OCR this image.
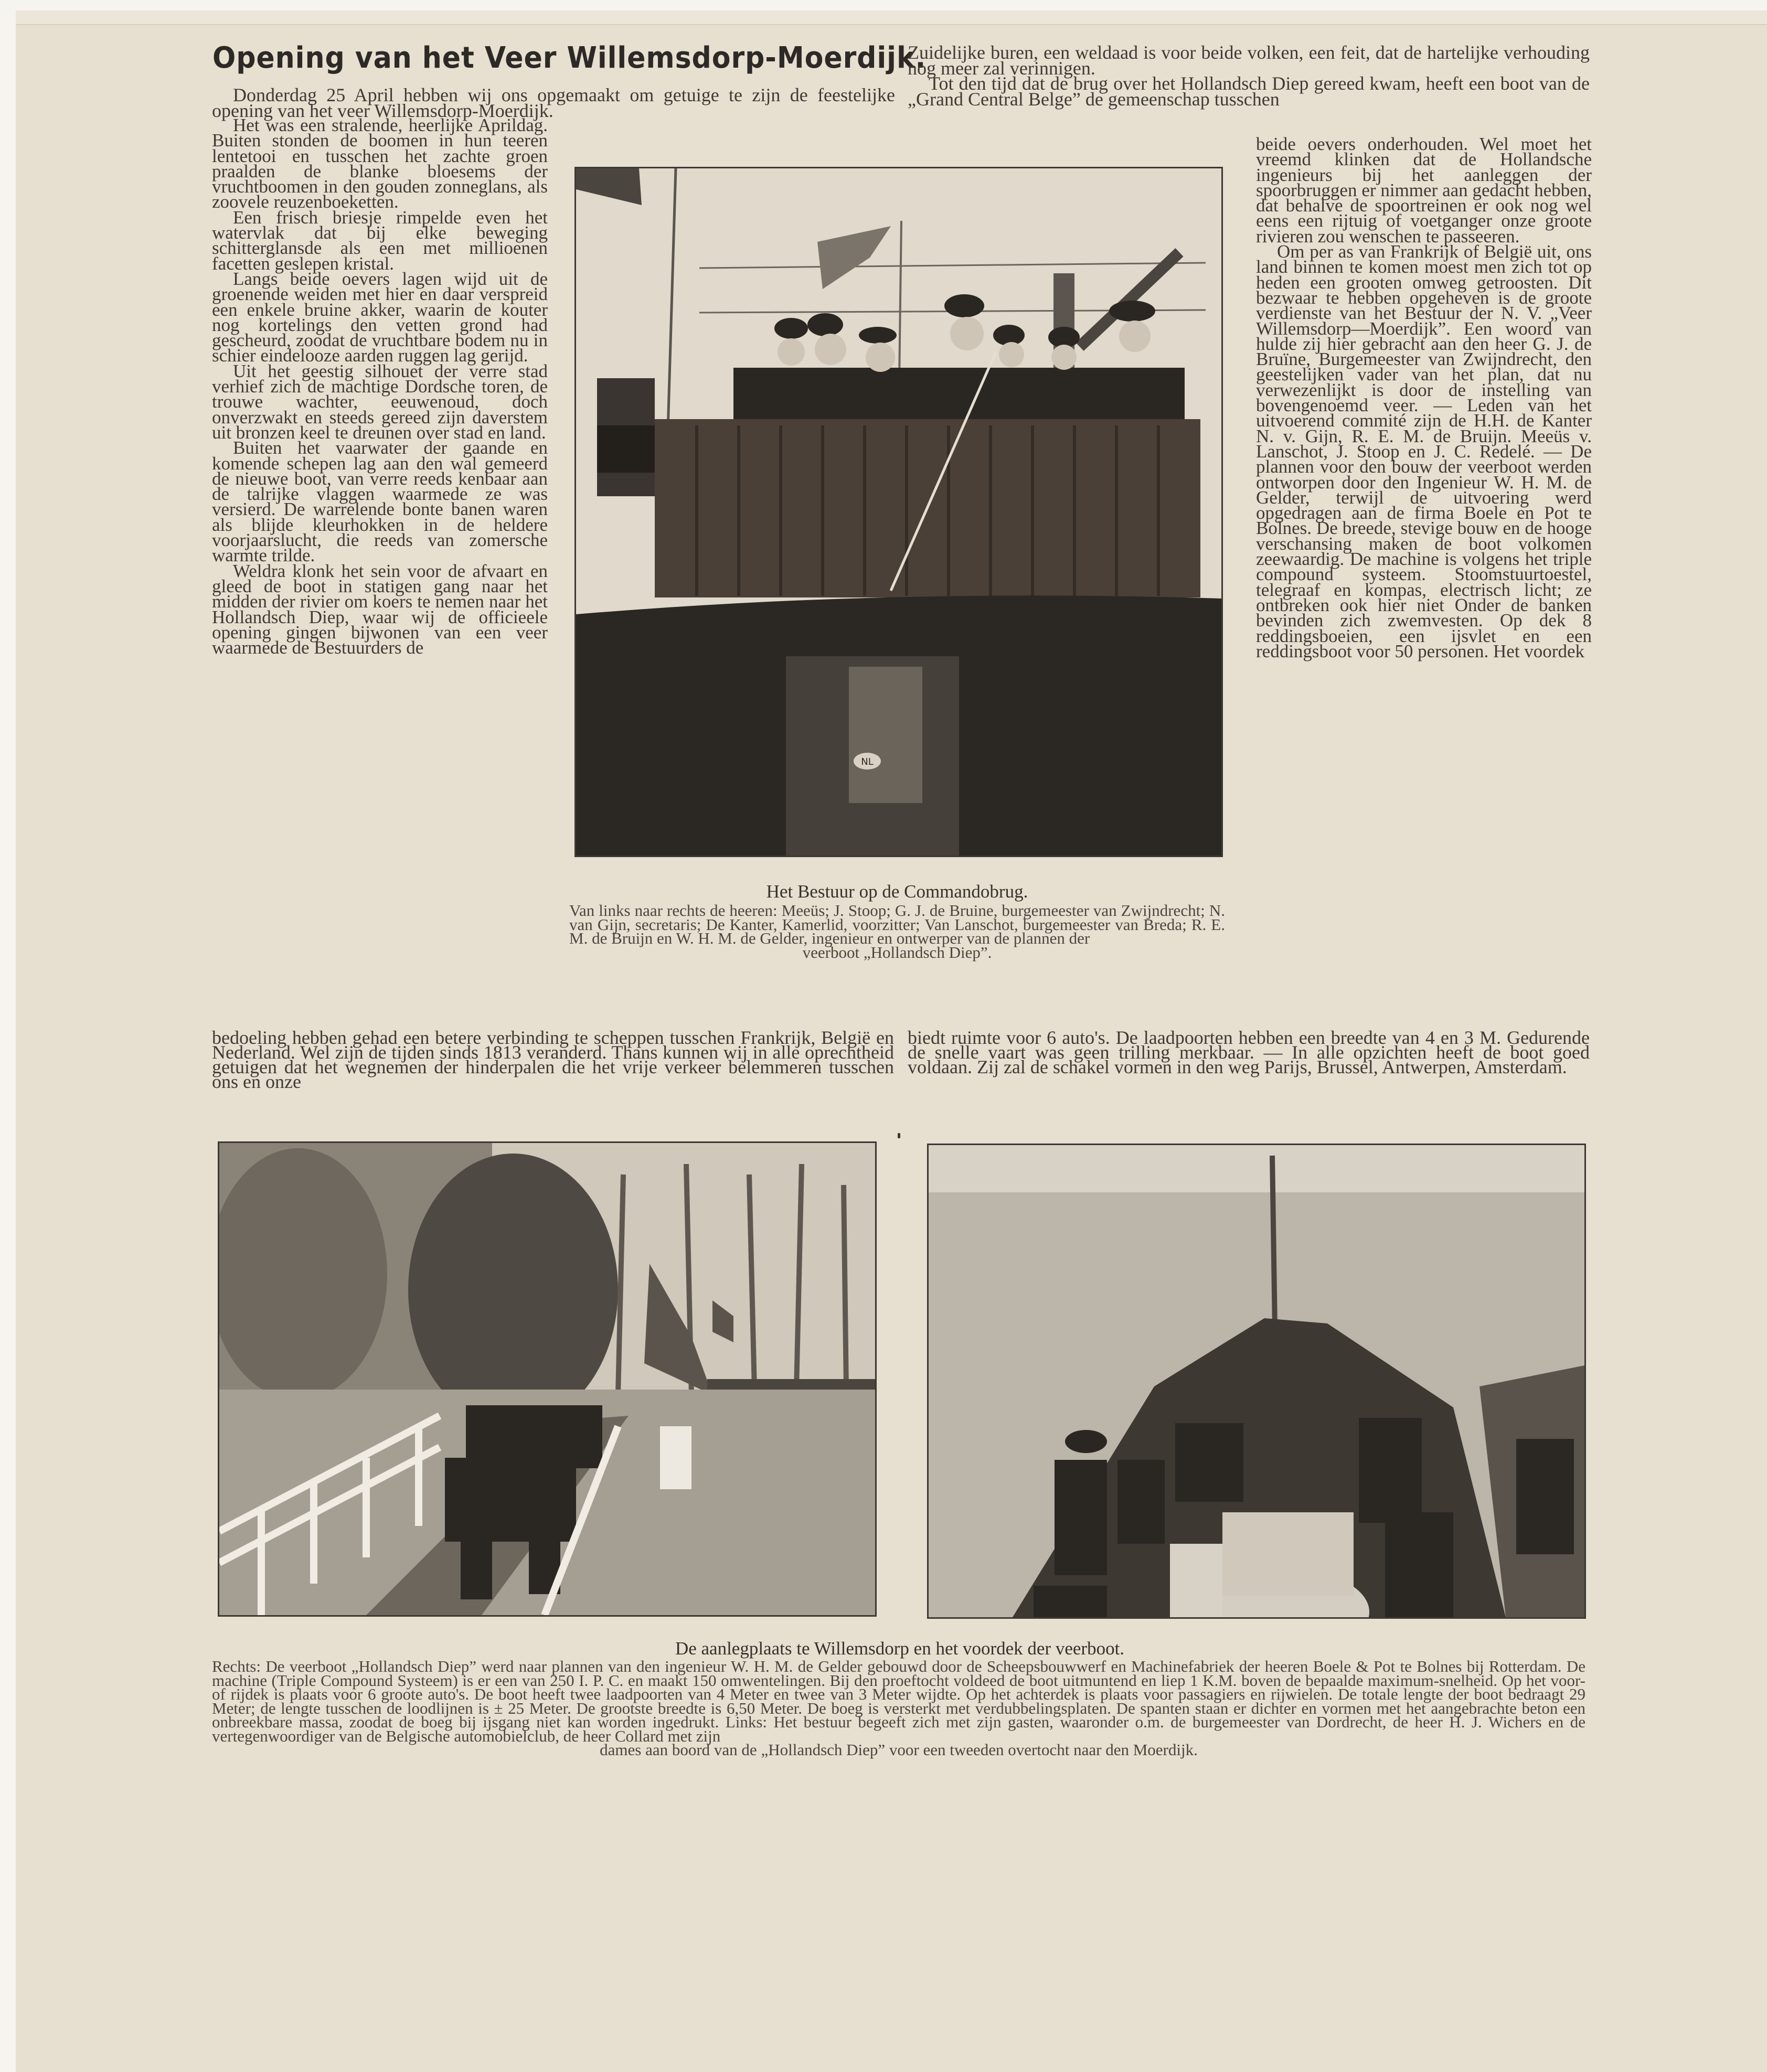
Opening van het Veer Willemsdorp-Moerdijk.

Donderdag 25 April hebben wij ons opgemaakt om getuige te zijn de feestelijke opening van het veer Willemsdorp-Moerdijk.

Het was een stralende, heerlijke Aprildag. Buiten stonden de boomen in hun teeren lentetooi en tusschen het zachte groen praalden de blanke bloesems der vruchtboomen in den gouden zonneglans, als zoovele reuzenboeketten.

Een frisch briesje rimpelde even het watervlak dat bij elke beweging schitterglansde als een met millioenen facetten geslepen kristal.

Langs beide oevers lagen wijd uit de groenende weiden met hier en daar verspreid een enkele bruine akker, waarin de kouter nog kortelings den vetten grond had gescheurd, zoodat de vruchtbare bodem nu in schier eindelooze aarden ruggen lag gerijd.

Uit het geestig silhouet der verre stad verhief zich de machtige Dordsche toren, de trouwe wachter, eeuwenoud, doch onverzwakt en steeds gereed zijn daverstem uit bronzen keel te dreunen over stad en land.

Buiten het vaarwater der gaande en komende schepen lag aan den wal gemeerd de nieuwe boot, van verre reeds kenbaar aan de talrijke vlaggen waarmede ze was versierd. De warrelende bonte banen waren als blijde kleurhokken in de heldere voorjaarslucht, die reeds van zomersche warmte trilde.

Weldra klonk het sein voor de afvaart en gleed de boot in statigen gang naar het midden der rivier om koers te nemen naar het Hollandsch Diep, waar wij de officieele opening gingen bijwonen van een veer waarmede de Bestuurders de

Zuidelijke buren, een weldaad is voor beide volken, een feit, dat de hartelijke verhouding nog meer zal verinnigen.

Tot den tijd dat de brug over het Hollandsch Diep gereed kwam, heeft een boot van de „Grand Central Belge” de gemeenschap tusschen

beide oevers onderhouden. Wel moet het vreemd klinken dat de Hollandsche ingenieurs bij het aanleggen der spoorbruggen er nimmer aan gedacht hebben, dat behalve de spoortreinen er ook nog wel eens een rijtuig of voetganger onze groote rivieren zou wenschen te passeeren.

Om per as van Frankrijk of België uit, ons land binnen te komen moest men zich tot op heden een grooten omweg getroosten. Dit bezwaar te hebben opgeheven is de groote verdienste van het Bestuur der N. V. „Veer Willemsdorp—Moerdijk”. Een woord van hulde zij hier gebracht aan den heer G. J. de Bruïne, Burgemeester van Zwijndrecht, den geestelijken vader van het plan, dat nu verwezenlijkt is door de instelling van bovengenoemd veer. — Leden van het uitvoerend commité zijn de H.H. de Kanter N. v. Gijn, R. E. M. de Bruijn. Meeüs v. Lanschot, J. Stoop en J. C. Redelé. — De plannen voor den bouw der veerboot werden ontworpen door den Ingenieur W. H. M. de Gelder, terwijl de uitvoering werd opgedragen aan de firma Boele en Pot te Bolnes. De breede, stevige bouw en de hooge verschansing maken de boot volkomen zeewaardig. De machine is volgens het triple compound systeem. Stoomstuurtoestel, telegraaf en kompas, electrisch licht; ze ontbreken ook hier niet Onder de banken bevinden zich zwemvesten. Op dek 8 reddingsboeien, een ijsvlet en een reddingsboot voor 50 personen. Het voordek

NL
Het Bestuur op de Commandobrug.
Van links naar rechts de heeren: Meeüs; J. Stoop; G. J. de Bruine, burgemeester van Zwijndrecht; N. van Gijn, secretaris; De Kanter, Kamerlid, voorzitter; Van Lanschot, burgemeester van Breda; R. E. M. de Bruijn en W. H. M. de Gelder, ingenieur en ontwerper van de plannen der
veerboot „Hollandsch Diep”.

bedoeling hebben gehad een betere verbinding te scheppen tusschen Frankrijk, België en Nederland. Wel zijn de tijden sinds 1813 veranderd. Thans kunnen wij in alle oprechtheid getuigen dat het wegnemen der hinderpalen die het vrije verkeer belemmeren tusschen ons en onze

biedt ruimte voor 6 auto's. De laadpoorten hebben een breedte van 4 en 3 M. Gedurende de snelle vaart was geen trilling merkbaar. — In alle opzichten heeft de boot goed voldaan. Zij zal de schakel vormen in den weg Parijs, Brussel, Antwerpen, Amsterdam.

De aanlegplaats te Willemsdorp en het voordek der veerboot.
Rechts: De veerboot „Hollandsch Diep” werd naar plannen van den ingenieur W. H. M. de Gelder gebouwd door de Scheepsbouwwerf en Machinefabriek der heeren Boele & Pot te Bolnes bij Rotterdam. De machine (Triple Compound Systeem) is er een van 250 I. P. C. en maakt 150 omwentelingen. Bij den proeftocht voldeed de boot uitmuntend en liep 1 K.M. boven de bepaalde maximum-snelheid. Op het voor- of rijdek is plaats voor 6 groote auto's. De boot heeft twee laadpoorten van 4 Meter en twee van 3 Meter wijdte. Op het achterdek is plaats voor passagiers en rijwielen. De totale lengte der boot bedraagt 29 Meter; de lengte tusschen de loodlijnen is ± 25 Meter. De grootste breedte is 6,50 Meter. De boeg is versterkt met verdubbelingsplaten. De spanten staan er dichter en vormen met het aangebrachte beton een onbreekbare massa, zoodat de boeg bij ijsgang niet kan worden ingedrukt. Links: Het bestuur begeeft zich met zijn gasten, waaronder o.m. de burgemeester van Dordrecht, de heer H. J. Wichers en de vertegenwoordiger van de Belgische automobielclub, de heer Collard met zijn
dames aan boord van de „Hollandsch Diep” voor een tweeden overtocht naar den Moerdijk.
